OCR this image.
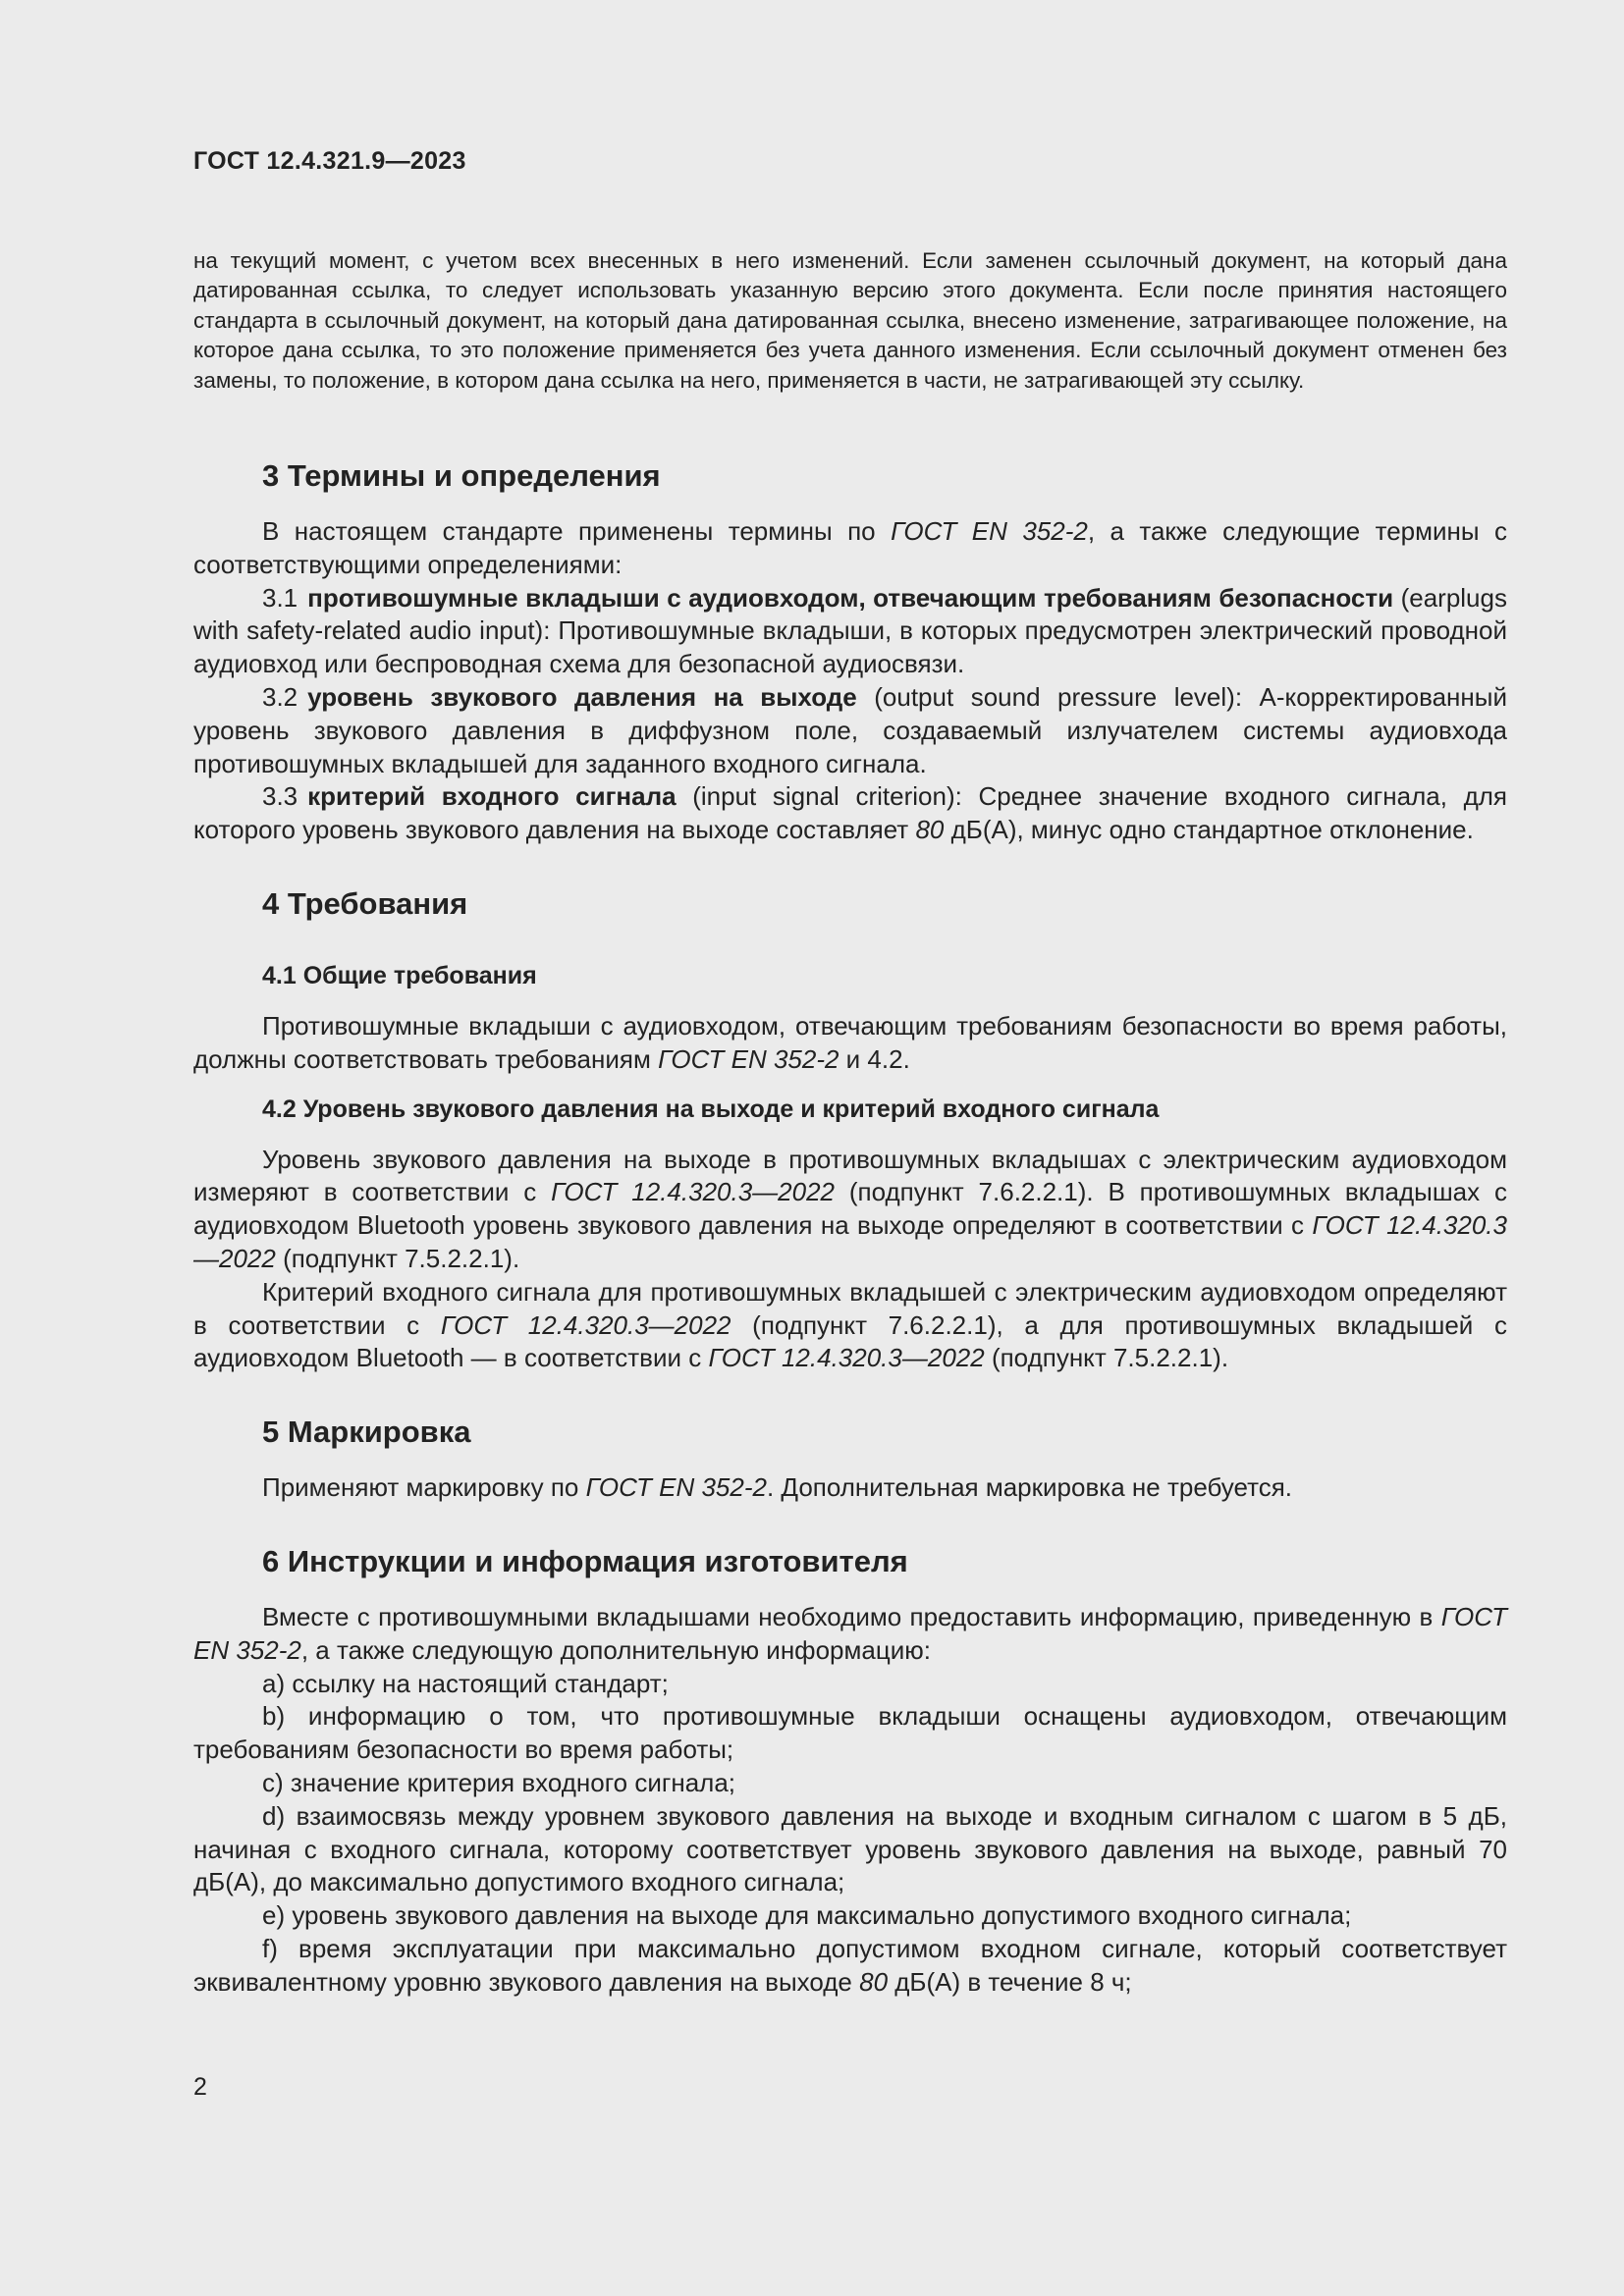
ГОСТ 12.4.321.9—2023

на текущий момент, с учетом всех внесенных в него изменений. Если заменен ссылочный документ, на который дана датированная ссылка, то следует использовать указанную версию этого документа. Если после принятия настоящего стандарта в ссылочный документ, на который дана датированная ссылка, внесено изменение, затрагивающее положение, на которое дана ссылка, то это положение применяется без учета данного изменения. Если ссылочный документ отменен без замены, то положение, в котором дана ссылка на него, применяется в части, не затрагивающей эту ссылку.

3 Термины и определения

В настоящем стандарте применены термины по ГОСТ EN 352-2, а также следующие термины с соответствующими определениями:

3.1 противошумные вкладыши с аудиовходом, отвечающим требованиям безопасности (earplugs with safety-related audio input): Противошумные вкладыши, в которых предусмотрен электрический проводной аудиовход или беспроводная схема для безопасной аудиосвязи.

3.2 уровень звукового давления на выходе (output sound pressure level): A-корректированный уровень звукового давления в диффузном поле, создаваемый излучателем системы аудиовхода противошумных вкладышей для заданного входного сигнала.

3.3 критерий входного сигнала (input signal criterion): Среднее значение входного сигнала, для которого уровень звукового давления на выходе составляет 80 дБ(А), минус одно стандартное отклонение.

4 Требования
4.1 Общие требования

Противошумные вкладыши с аудиовходом, отвечающим требованиям безопасности во время работы, должны соответствовать требованиям ГОСТ EN 352-2 и 4.2.

4.2 Уровень звукового давления на выходе и критерий входного сигнала

Уровень звукового давления на выходе в противошумных вкладышах с электрическим аудиовходом измеряют в соответствии с ГОСТ 12.4.320.3—2022 (подпункт 7.6.2.2.1). В противошумных вкладышах с аудиовходом Bluetooth уровень звукового давления на выходе определяют в соответствии с ГОСТ 12.4.320.3—2022 (подпункт 7.5.2.2.1).

Критерий входного сигнала для противошумных вкладышей с электрическим аудиовходом определяют в соответствии с ГОСТ 12.4.320.3—2022 (подпункт 7.6.2.2.1), а для противошумных вкладышей с аудиовходом Bluetooth — в соответствии с ГОСТ 12.4.320.3—2022 (подпункт 7.5.2.2.1).

5 Маркировка

Применяют маркировку по ГОСТ EN 352-2. Дополнительная маркировка не требуется.

6 Инструкции и информация изготовителя

Вместе с противошумными вкладышами необходимо предоставить информацию, приведенную в ГОСТ EN 352-2, а также следующую дополнительную информацию:

a) ссылку на настоящий стандарт;

b) информацию о том, что противошумные вкладыши оснащены аудиовходом, отвечающим требованиям безопасности во время работы;

c) значение критерия входного сигнала;

d) взаимосвязь между уровнем звукового давления на выходе и входным сигналом с шагом в 5 дБ, начиная с входного сигнала, которому соответствует уровень звукового давления на выходе, равный 70 дБ(А), до максимально допустимого входного сигнала;

e) уровень звукового давления на выходе для максимально допустимого входного сигнала;

f) время эксплуатации при максимально допустимом входном сигнале, который соответствует эквивалентному уровню звукового давления на выходе 80 дБ(А) в течение 8 ч;

2
